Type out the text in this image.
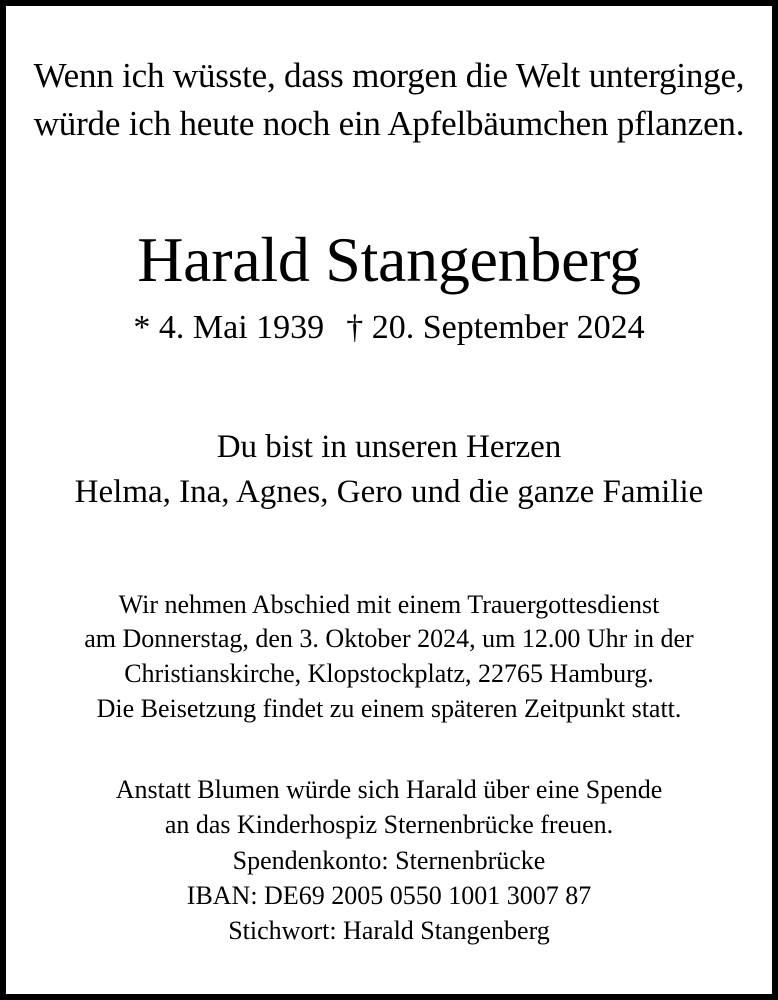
Wenn ich wüsste, dass morgen die Welt unterginge,
würde ich heute noch ein Apfelbäumchen pflanzen.
Harald Stangenberg
* 4. Mai 1939 † 20. September 2024
Du bist in unseren Herzen
Helma, Ina, Agnes, Gero und die ganze Familie
Wir nehmen Abschied mit einem Trauergottesdienst
am Donnerstag, den 3. Oktober 2024, um 12.00 Uhr in der
Christianskirche, Klopstockplatz, 22765 Hamburg.
Die Beisetzung findet zu einem späteren Zeitpunkt statt.
Anstatt Blumen würde sich Harald über eine Spende
an das Kinderhospiz Sternenbrücke freuen.
Spendenkonto: Sternenbrücke
IBAN: DE69 2005 0550 1001 3007 87
Stichwort: Harald Stangenberg
